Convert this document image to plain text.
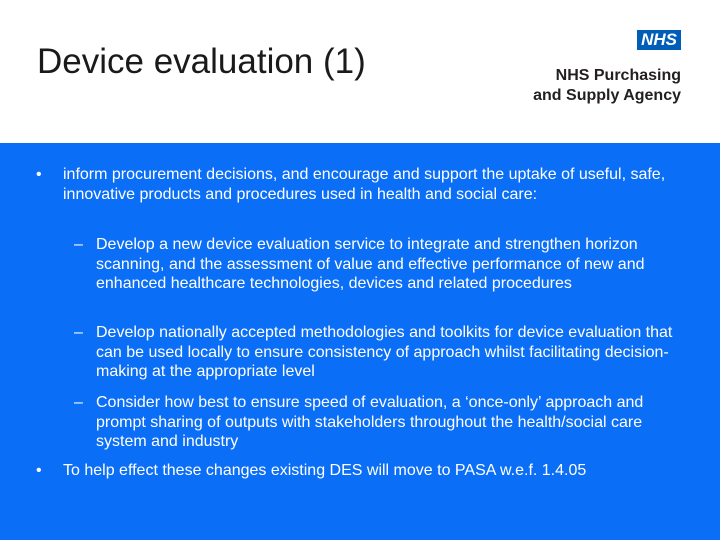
Device evaluation (1)
NHS
NHS Purchasing
and Supply Agency
• inform procurement decisions, and encourage and support the uptake of useful, safe, innovative products and procedures used in health and social care:
– Develop a new device evaluation service to integrate and strengthen horizon scanning, and the assessment of value and effective performance of new and enhanced healthcare technologies, devices and related procedures
– Develop nationally accepted methodologies and toolkits for device evaluation that can be used locally to ensure consistency of approach whilst facilitating decision-making at the appropriate level
– Consider how best to ensure speed of evaluation, a ‘once-only’ approach and prompt sharing of outputs with stakeholders throughout the health/social care system and industry
• To help effect these changes existing DES will move to PASA w.e.f. 1.4.05
